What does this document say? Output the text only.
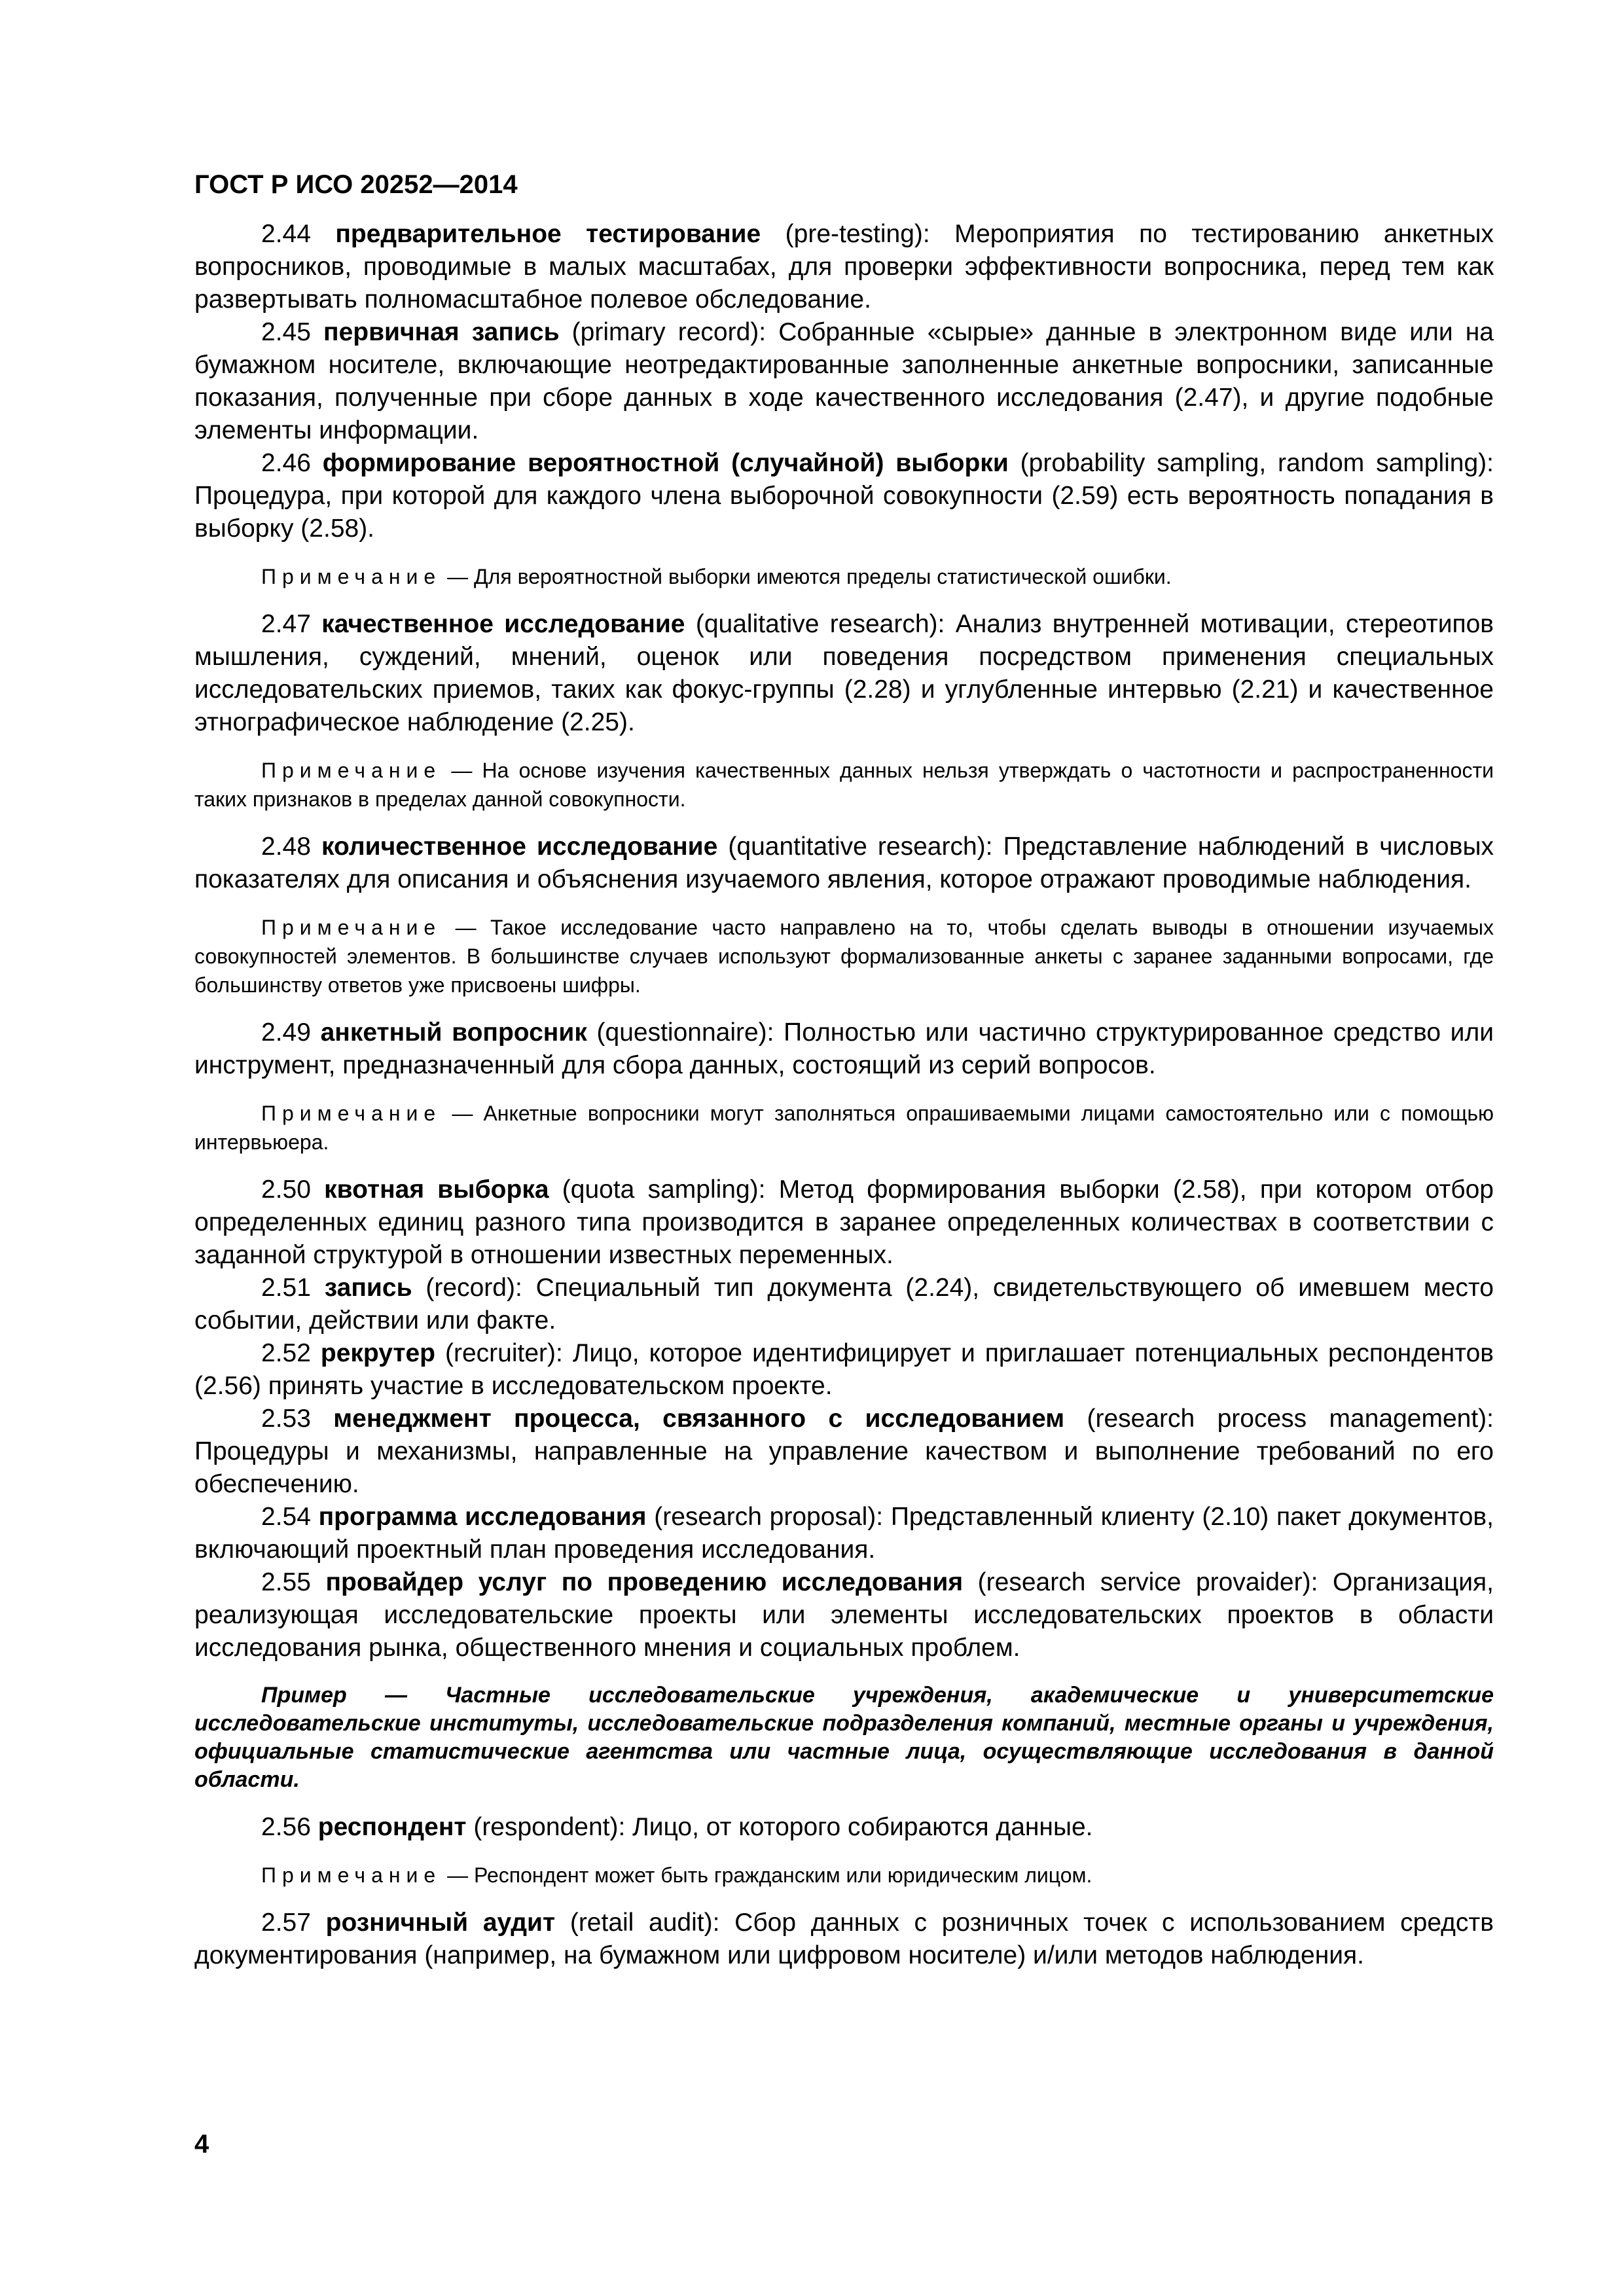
ГОСТ Р ИСО 20252—2014

2.44 предварительное тестирование (pre-testing): Мероприятия по тестированию анкетных вопросников, проводимые в малых масштабах, для проверки эффективности вопросника, перед тем как развертывать полномасштабное полевое обследование.

2.45 первичная запись (primary record): Собранные «сырые» данные в электронном виде или на бумажном носителе, включающие неотредактированные заполненные анкетные вопросники, записанные показания, полученные при сборе данных в ходе качественного исследования (2.47), и другие подобные элементы информации.

2.46 формирование вероятностной (случайной) выборки (probability sampling, random sampling): Процедура, при которой для каждого члена выборочной совокупности (2.59) есть вероятность попадания в выборку (2.58).

Примечание — Для вероятностной выборки имеются пределы статистической ошибки.

2.47 качественное исследование (qualitative research): Анализ внутренней мотивации, стереотипов мышления, суждений, мнений, оценок или поведения посредством применения специальных исследовательских приемов, таких как фокус-группы (2.28) и углубленные интервью (2.21) и качественное этнографическое наблюдение (2.25).

Примечание — На основе изучения качественных данных нельзя утверждать о частотности и распространенности таких признаков в пределах данной совокупности.

2.48 количественное исследование (quantitative research): Представление наблюдений в числовых показателях для описания и объяснения изучаемого явления, которое отражают проводимые наблюдения.

Примечание — Такое исследование часто направлено на то, чтобы сделать выводы в отношении изучаемых совокупностей элементов. В большинстве случаев используют формализованные анкеты с заранее заданными вопросами, где большинству ответов уже присвоены шифры.

2.49 анкетный вопросник (questionnaire): Полностью или частично структурированное средство или инструмент, предназначенный для сбора данных, состоящий из серий вопросов.

Примечание — Анкетные вопросники могут заполняться опрашиваемыми лицами самостоятельно или с помощью интервьюера.

2.50 квотная выборка (quota sampling): Метод формирования выборки (2.58), при котором отбор определенных единиц разного типа производится в заранее определенных количествах в соответствии с заданной структурой в отношении известных переменных.

2.51 запись (record): Специальный тип документа (2.24), свидетельствующего об имевшем место событии, действии или факте.

2.52 рекрутер (recruiter): Лицо, которое идентифицирует и приглашает потенциальных респондентов (2.56) принять участие в исследовательском проекте.

2.53 менеджмент процесса, связанного с исследованием (research process management): Процедуры и механизмы, направленные на управление качеством и выполнение требований по его обеспечению.

2.54 программа исследования (research proposal): Представленный клиенту (2.10) пакет документов, включающий проектный план проведения исследования.

2.55 провайдер услуг по проведению исследования (research service provaider): Организация, реализующая исследовательские проекты или элементы исследовательских проектов в области исследования рынка, общественного мнения и социальных проблем.

Пример — Частные исследовательские учреждения, академические и университетские исследовательские институты, исследовательские подразделения компаний, местные органы и учреждения, официальные статистические агентства или частные лица, осуществляющие исследования в данной области.

2.56 респондент (respondent): Лицо, от которого собираются данные.

Примечание — Респондент может быть гражданским или юридическим лицом.

2.57 розничный аудит (retail audit): Сбор данных с розничных точек с использованием средств документирования (например, на бумажном или цифровом носителе) и/или методов наблюдения.

4
